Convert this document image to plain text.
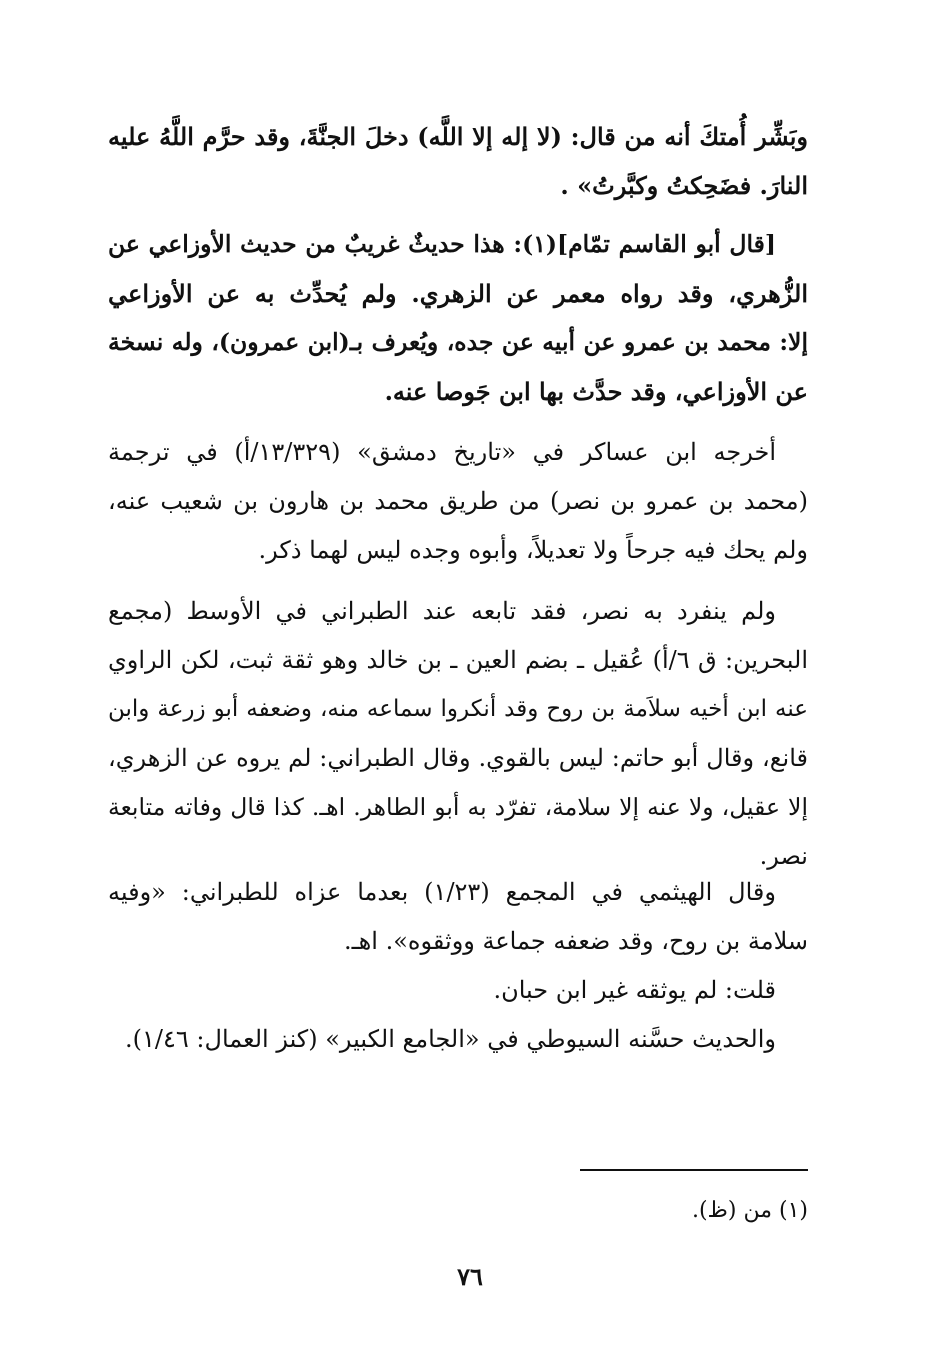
وبَشِّر أُمتكَ أنه من قال: (لا إله إلا اللَّه) دخلَ الجنَّةَ، وقد حرَّم اللَّهُ عليه
النارَ. فضَحِكتُ وكبَّرتُ» .
[قال أبو القاسم تمّام](١): هذا حديثٌ غريبٌ من حديث الأوزاعي عن
الزُّهري، وقد رواه معمر عن الزهري. ولم يُحدِّث به عن الأوزاعي
إلا: محمد بن عمرو عن أبيه عن جده، ويُعرف بـ(ابن عمرون)، وله نسخة
عن الأوزاعي، وقد حدَّث بها ابن جَوصا عنه.
أخرجه ابن عساكر في «تاريخ دمشق» (١٣/٣٢٩/أ) في ترجمة
(محمد بن عمرو بن نصر) من طريق محمد بن هارون بن شعيب عنه،
ولم يحك فيه جرحاً ولا تعديلاً، وأبوه وجده ليس لهما ذكر.
ولم ينفرد به نصر، فقد تابعه عند الطبراني في الأوسط (مجمع
البحرين: ق ٦/أ) عُقيل ـ بضم العين ـ بن خالد وهو ثقة ثبت، لكن الراوي
عنه ابن أخيه سلاَمة بن روح وقد أنكروا سماعه منه، وضعفه أبو زرعة وابن
قانع، وقال أبو حاتم: ليس بالقوي. وقال الطبراني: لم يروه عن الزهري،
إلا عقيل، ولا عنه إلا سلامة، تفرّد به أبو الطاهر. اهـ. كذا قال وفاته متابعة
نصر.
وقال الهيثمي في المجمع (١/٢٣) بعدما عزاه للطبراني: «وفيه
سلامة بن روح، وقد ضعفه جماعة ووثقوه». اهـ.
قلت: لم يوثقه غير ابن حبان.
والحديث حسَّنه السيوطي في «الجامع الكبير» (كنز العمال: ١/٤٦).
(١) من (ظ).
٧٦
